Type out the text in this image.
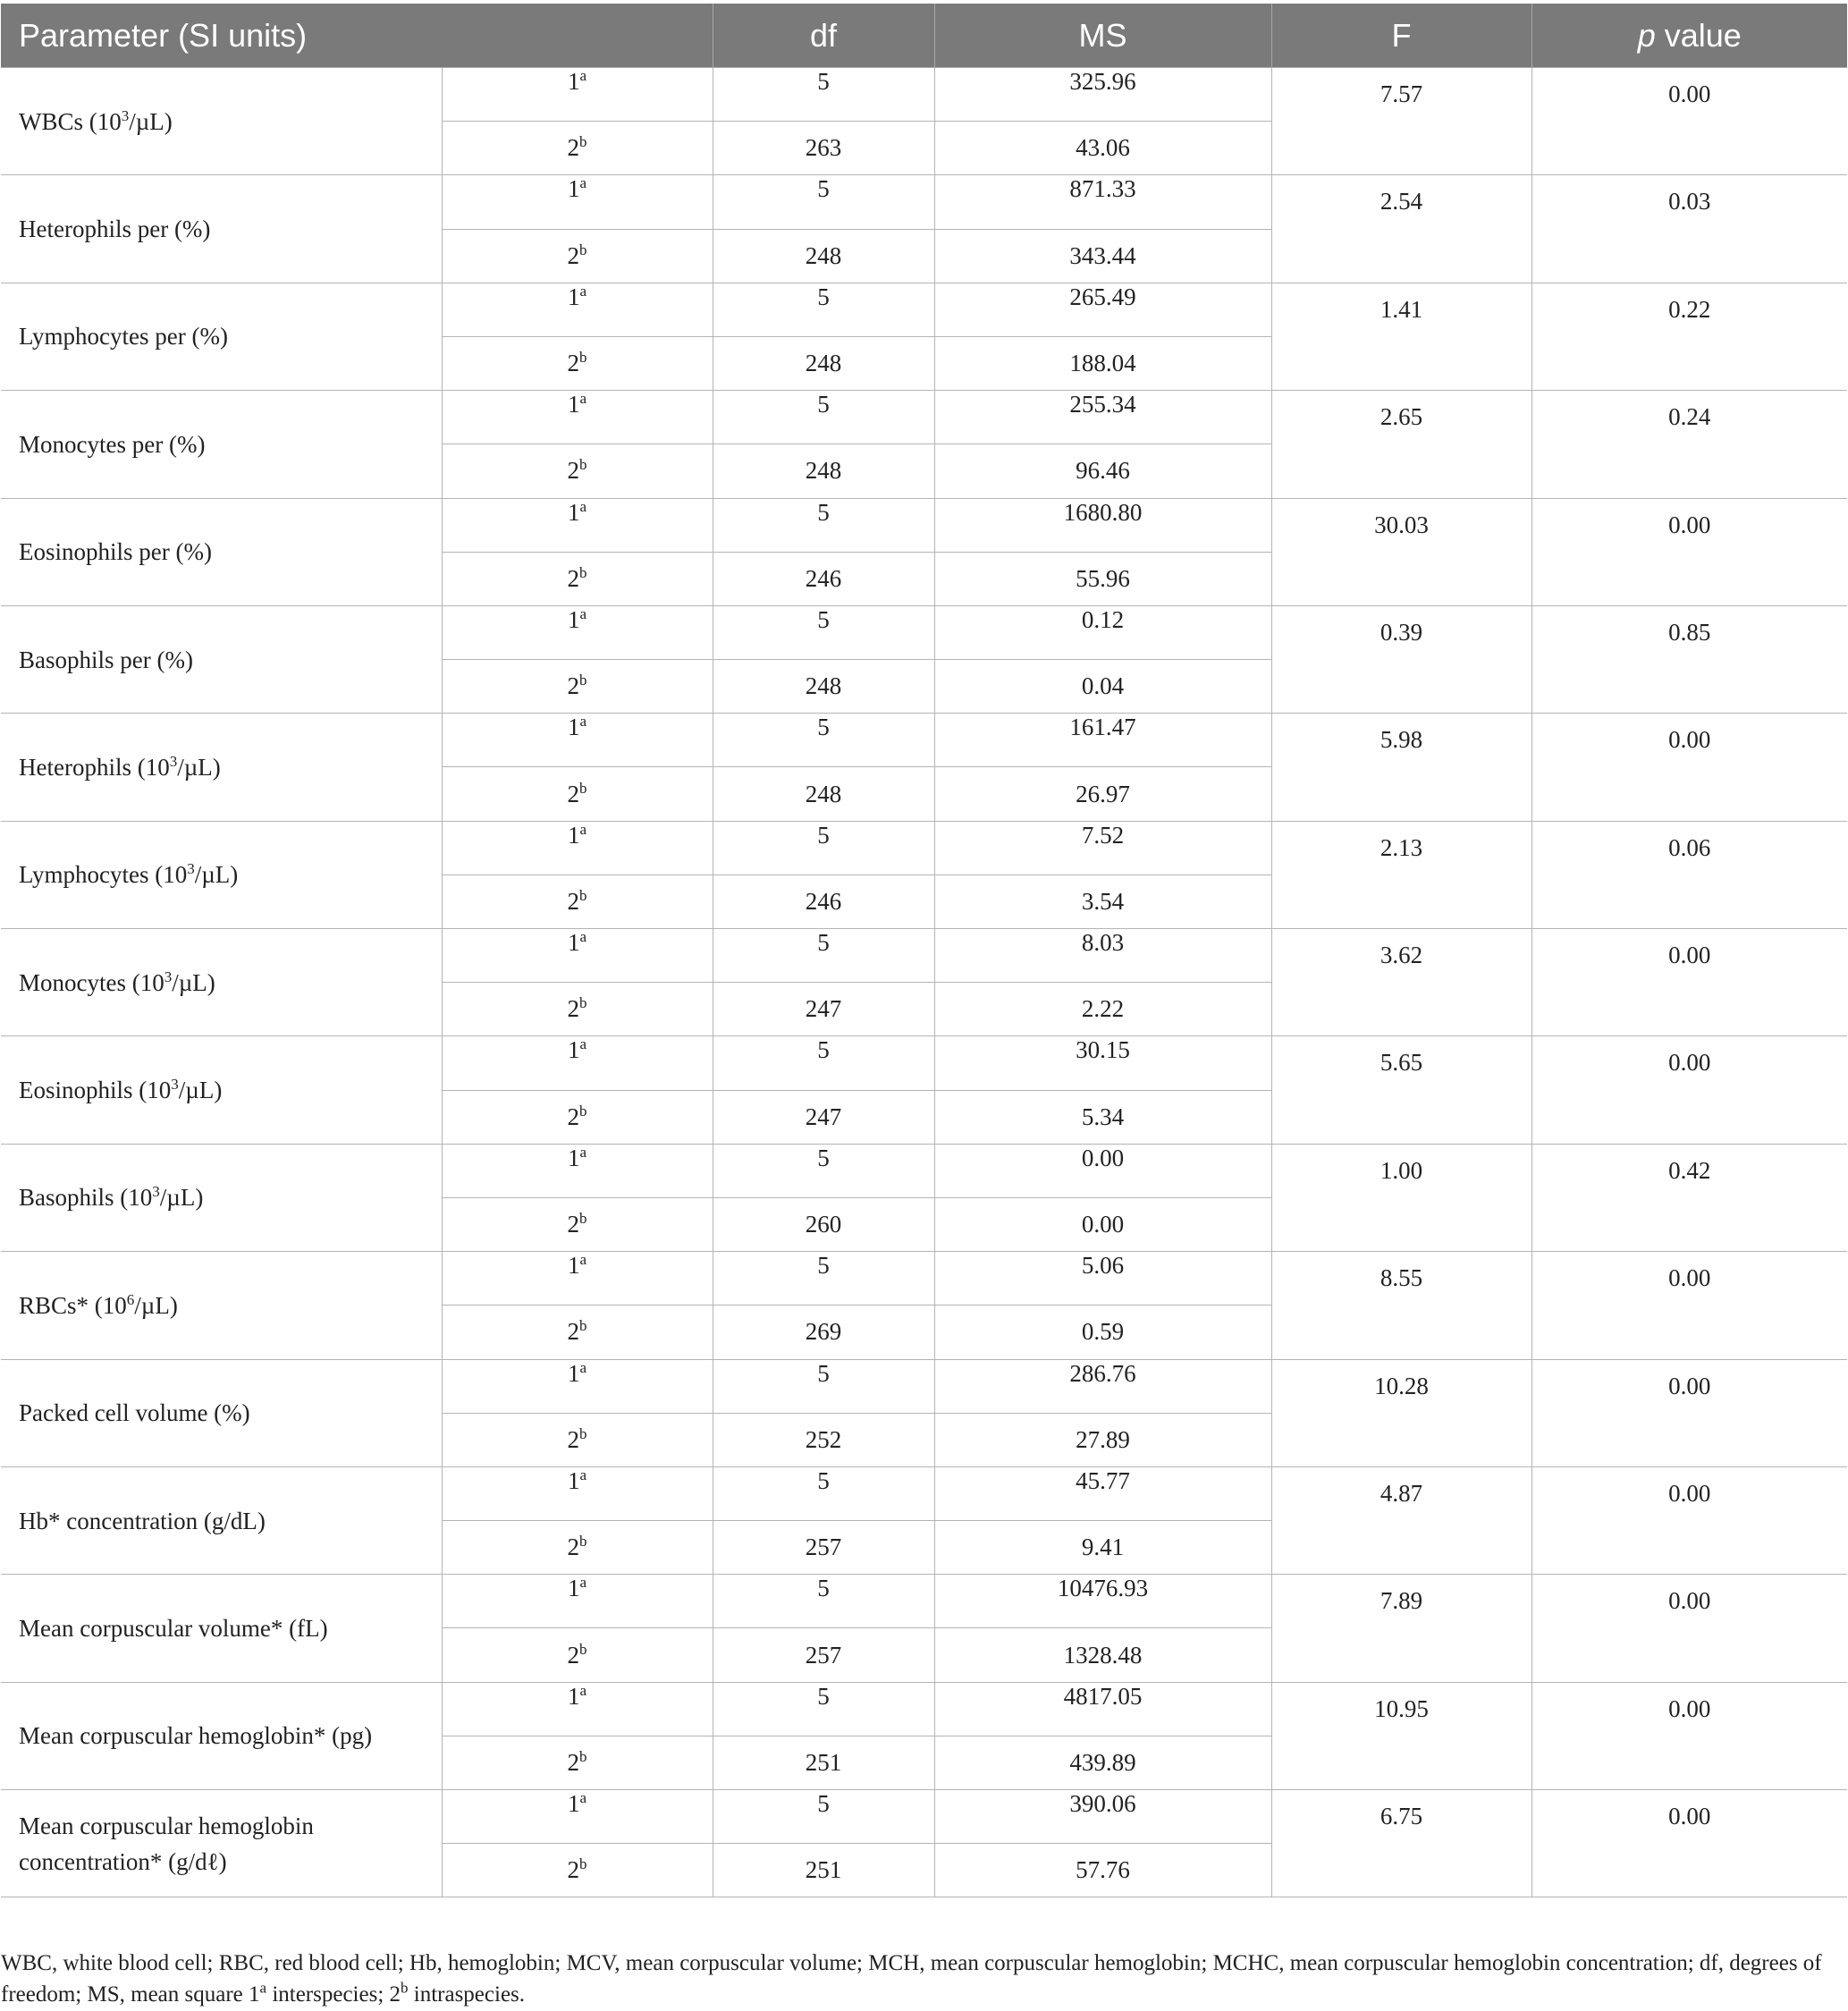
Parameter (SI units)		df	MS	F	p value
WBCs $(10^3/\mu L)$	1$^a$	5	325.96	7.57	0.00
	2$^b$	263	43.06		
Heterophils per (%)	1$^a$	5	871.33	2.54	0.03
	2$^b$	248	343.44		
Lymphocytes per (%)	1$^a$	5	265.49	1.41	0.22
	2$^b$	248	188.04		
Monocytes per (%)	1$^a$	5	255.34	2.65	0.24
	2$^b$	248	96.46		
Eosinophils per (%)	1$^a$	5	1680.80	30.03	0.00
	2$^b$	246	55.96		
Basophils per (%)	1$^a$	5	0.12	0.39	0.85
	2$^b$	248	0.04		
Heterophils $(10^3/\mu L)$	1$^a$	5	161.47	5.98	0.00
	2$^b$	248	26.97		
Lymphocytes $(10^3/\mu L)$	1$^a$	5	7.52	2.13	0.06
	2$^b$	246	3.54		
Monocytes $(10^3/\mu L)$	1$^a$	5	8.03	3.62	0.00
	2$^b$	247	2.22		
Eosinophils $(10^3/\mu L)$	1$^a$	5	30.15	5.65	0.00
	2$^b$	247	5.34		
Basophils $(10^3/\mu L)$	1$^a$	5	0.00	1.00	0.42
	2$^b$	260	0.00		
RBCs* $(10^6/\mu L)$	1$^a$	5	5.06	8.55	0.00
	2$^b$	269	0.59		
Packed cell volume (%)	1$^a$	5	286.76	10.28	0.00
	2$^b$	252	27.89		
Hb* concentration (g/dL)	1$^a$	5	45.77	4.87	0.00
	2$^b$	257	9.41		
Mean corpuscular volume* (fL)	1$^a$	5	10476.93	7.89	0.00
	2$^b$	257	1328.48		
Mean corpuscular hemoglobin* (pg)	1$^a$	5	4817.05	10.95	0.00
	2$^b$	251	439.89		
Mean corpuscular hemoglobin concentration* (g/dℓ)	1$^a$	5	390.06	6.75	0.00
	2$^b$	251	57.76		
WBC, white blood cell; RBC, red blood cell; Hb, hemoglobin; MCV, mean corpuscular volume; MCH, mean corpuscular hemoglobin; MCHC, mean corpuscular hemoglobin concentration; df, degrees of freedom; MS, mean square 1$^a$ interspecies; 2$^b$ intraspecies.
